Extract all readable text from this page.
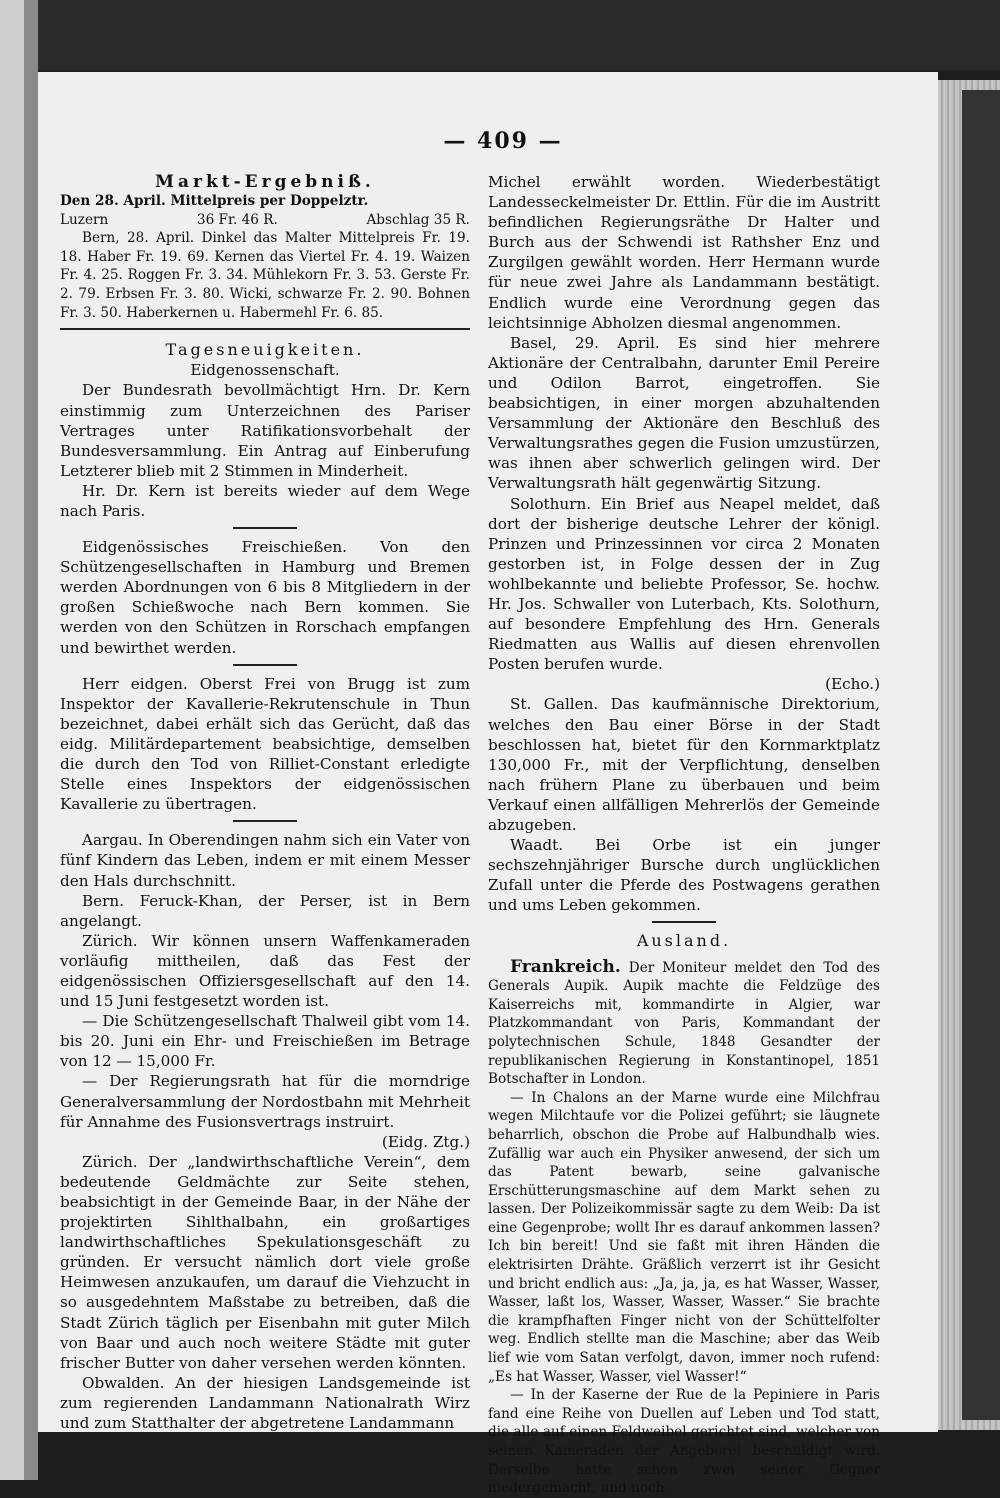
— 409 —

Markt-Ergebniß.

Den 28. April. Mittelpreis per Doppelztr.

Luzern	36 Fr. 46 R.	Abschlag 35 R.

Bern, 28. April. Dinkel das Malter Mittelpreis Fr. 19. 18. Haber Fr. 19. 69. Kernen das Viertel Fr. 4. 19. Waizen Fr. 4. 25. Roggen Fr. 3. 34. Mühlekorn Fr. 3. 53. Gerste Fr. 2. 79. Erbsen Fr. 3. 80. Wicki, schwarze Fr. 2. 90. Bohnen Fr. 3. 50. Haberkernen u. Habermehl Fr. 6. 85.

Tagesneuigkeiten.

Eidgenossenschaft.

Der Bundesrath bevollmächtigt Hrn. Dr. Kern einstimmig zum Unterzeichnen des Pariser Vertrages unter Ratifikationsvorbehalt der Bundesversammlung. Ein Antrag auf Einberufung Letzterer blieb mit 2 Stimmen in Minderheit.

Hr. Dr. Kern ist bereits wieder auf dem Wege nach Paris.

Eidgenössisches Freischießen. Von den Schützengesellschaften in Hamburg und Bremen werden Abordnungen von 6 bis 8 Mitgliedern in der großen Schießwoche nach Bern kommen. Sie werden von den Schützen in Rorschach empfangen und bewirthet werden.

Herr eidgen. Oberst Frei von Brugg ist zum Inspektor der Kavallerie-Rekrutenschule in Thun bezeichnet, dabei erhält sich das Gerücht, daß das eidg. Militärdepartement beabsichtige, demselben die durch den Tod von Rilliet-Constant erledigte Stelle eines Inspektors der eidgenössischen Kavallerie zu übertragen.

Aargau. In Oberendingen nahm sich ein Vater von fünf Kindern das Leben, indem er mit einem Messer den Hals durchschnitt.

Bern. Feruck-Khan, der Perser, ist in Bern angelangt.

Zürich. Wir können unsern Waffenkameraden vorläufig mittheilen, daß das Fest der eidgenössischen Offiziersgesellschaft auf den 14. und 15 Juni festgesetzt worden ist.

— Die Schützengesellschaft Thalweil gibt vom 14. bis 20. Juni ein Ehr- und Freischießen im Betrage von 12 — 15,000 Fr.

— Der Regierungsrath hat für die morndrige Generalversammlung der Nordostbahn mit Mehrheit für Annahme des Fusionsvertrags instruirt.

(Eidg. Ztg.)

Zürich. Der „landwirthschaftliche Verein“, dem bedeutende Geldmächte zur Seite stehen, beabsichtigt in der Gemeinde Baar, in der Nähe der projektirten Sihlthalbahn, ein großartiges landwirthschaftliches Spekulationsgeschäft zu gründen. Er versucht nämlich dort viele große Heimwesen anzukaufen, um darauf die Viehzucht in so ausgedehntem Maßstabe zu betreiben, daß die Stadt Zürich täglich per Eisenbahn mit guter Milch von Baar und auch noch weitere Städte mit guter frischer Butter von daher versehen werden könnten.

Obwalden. An der hiesigen Landsgemeinde ist zum regierenden Landammann Nationalrath Wirz und zum Statthalter der abgetretene Landammann

Michel erwählt worden. Wiederbestätigt Landesseckelmeister Dr. Ettlin. Für die im Austritt befindlichen Regierungsräthe Dr Halter und Burch aus der Schwendi ist Rathsher Enz und Zurgilgen gewählt worden. Herr Hermann wurde für neue zwei Jahre als Landammann bestätigt. Endlich wurde eine Verordnung gegen das leichtsinnige Abholzen diesmal angenommen.

Basel, 29. April. Es sind hier mehrere Aktionäre der Centralbahn, darunter Emil Pereire und Odilon Barrot, eingetroffen. Sie beabsichtigen, in einer morgen abzuhaltenden Versammlung der Aktionäre den Beschluß des Verwaltungsrathes gegen die Fusion umzustürzen, was ihnen aber schwerlich gelingen wird. Der Verwaltungsrath hält gegenwärtig Sitzung.

Solothurn. Ein Brief aus Neapel meldet, daß dort der bisherige deutsche Lehrer der königl. Prinzen und Prinzessinnen vor circa 2 Monaten gestorben ist, in Folge dessen der in Zug wohlbekannte und beliebte Professor, Se. hochw. Hr. Jos. Schwaller von Luterbach, Kts. Solothurn, auf besondere Empfehlung des Hrn. Generals Riedmatten aus Wallis auf diesen ehrenvollen Posten berufen wurde.

(Echo.)

St. Gallen. Das kaufmännische Direktorium, welches den Bau einer Börse in der Stadt beschlossen hat, bietet für den Kornmarktplatz 130,000 Fr., mit der Verpflichtung, denselben nach frühern Plane zu überbauen und beim Verkauf einen allfälligen Mehrerlös der Gemeinde abzugeben.

Waadt. Bei Orbe ist ein junger sechszehnjähriger Bursche durch unglücklichen Zufall unter die Pferde des Postwagens gerathen und ums Leben gekommen.

Ausland.

Frankreich. Der Moniteur meldet den Tod des Generals Aupik. Aupik machte die Feldzüge des Kaiserreichs mit, kommandirte in Algier, war Platzkommandant von Paris, Kommandant der polytechnischen Schule, 1848 Gesandter der republikanischen Regierung in Konstantinopel, 1851 Botschafter in London.

— In Chalons an der Marne wurde eine Milchfrau wegen Milchtaufe vor die Polizei geführt; sie läugnete beharrlich, obschon die Probe auf Halbundhalb wies. Zufällig war auch ein Physiker anwesend, der sich um das Patent bewarb, seine galvanische Erschütterungsmaschine auf dem Markt sehen zu lassen. Der Polizeikommissär sagte zu dem Weib: Da ist eine Gegenprobe; wollt Ihr es darauf ankommen lassen? Ich bin bereit! Und sie faßt mit ihren Händen die elektrisirten Drähte. Gräßlich verzerrt ist ihr Gesicht und bricht endlich aus: „Ja, ja, ja, es hat Wasser, Wasser, Wasser, laßt los, Wasser, Wasser, Wasser.“ Sie brachte die krampfhaften Finger nicht von der Schüttelfolter weg. Endlich stellte man die Maschine; aber das Weib lief wie vom Satan verfolgt, davon, immer noch rufend: „Es hat Wasser, Wasser, viel Wasser!“

— In der Kaserne der Rue de la Pepiniere in Paris fand eine Reihe von Duellen auf Leben und Tod statt, die alle auf einen Feldweibel gerichtet sind, welcher von seinen Kameraden der Angeberei beschuldigt wird. Derselbe hatte schon zwei seiner Gegner niedergemacht, und noch
